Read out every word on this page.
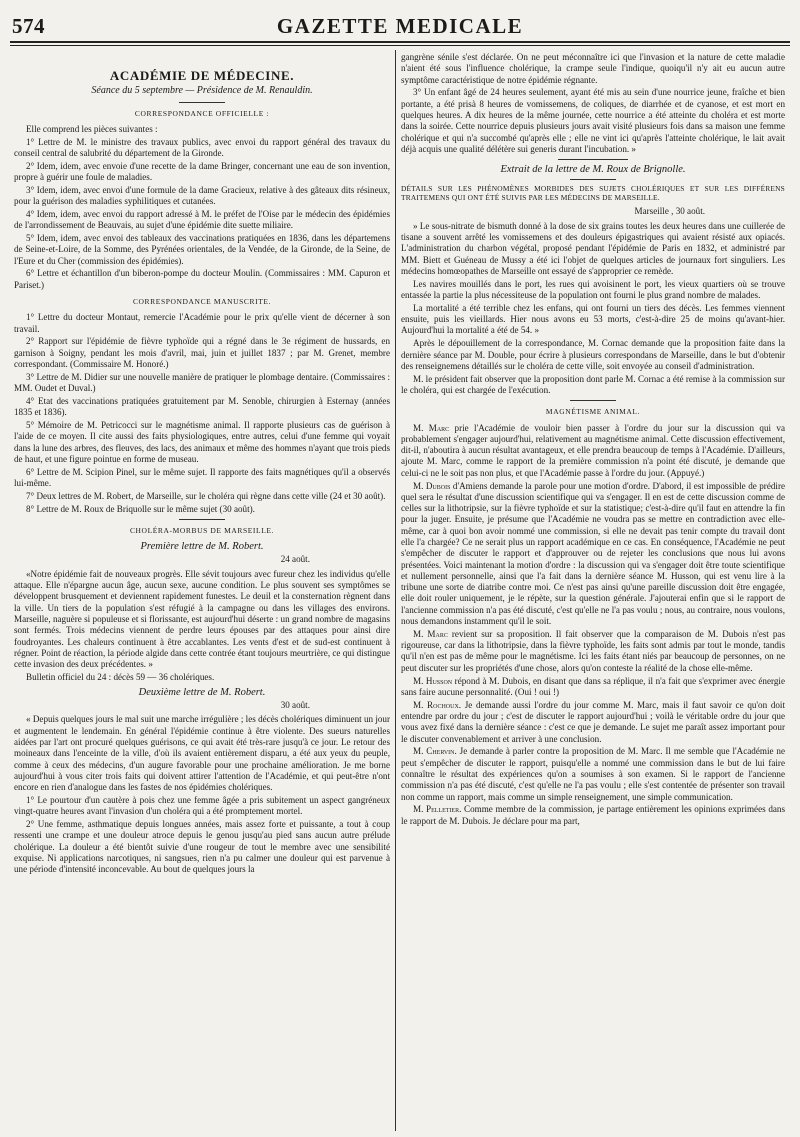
574	GAZETTE MEDICALE
ACADÉMIE DE MÉDECINE.
Séance du 5 septembre — Présidence de M. Renauldin.
CORRESPONDANCE OFFICIELLE :

Elle comprend les pièces suivantes :

1° Lettre de M. le ministre des travaux publics, avec envoi du rapport général des travaux du conseil central de salubrité du département de la Gironde.

2° Idem, idem, avec envoie d'une recette de la dame Bringer, concernant une eau de son invention, propre à guérir une foule de maladies.

3° Idem, idem, avec envoi d'une formule de la dame Gracieux, relative à des gâteaux dits résineux, pour la guérison des maladies syphilitiques et cutanées.

4° Idem, idem, avec envoi du rapport adressé à M. le préfet de l'Oise par le médecin des épidémies de l'arrondissement de Beauvais, au sujet d'une épidémie dite suette miliaire.

5° Idem, idem, avec envoi des tableaux des vaccinations pratiquées en 1836, dans les départemens de Seine-et-Loire, de la Somme, des Pyrénées orientales, de la Vendée, de la Gironde, de la Seine, de l'Eure et du Cher (commission des épidémies).

6° Lettre et échantillon d'un biberon-pompe du docteur Moulin. (Commissaires : MM. Capuron et Pariset.)

CORRESPONDANCE MANUSCRITE.

1° Lettre du docteur Montaut, remercie l'Académie pour le prix qu'elle vient de décerner à son travail.

2° Rapport sur l'épidémie de fièvre typhoïde qui a régné dans le 3e régiment de hussards, en garnison à Soigny, pendant les mois d'avril, mai, juin et juillet 1837 ; par M. Grenet, membre correspondant. (Commissaire M. Honoré.)

3° Lettre de M. Didier sur une nouvelle manière de pratiquer le plombage dentaire. (Commissaires : MM. Oudet et Duval.)

4° Etat des vaccinations pratiquées gratuitement par M. Senoble, chirurgien à Esternay (années 1835 et 1836).

5° Mémoire de M. Petricocci sur le magnétisme animal. Il rapporte plusieurs cas de guérison à l'aide de ce moyen. Il cite aussi des faits physiologiques, entre autres, celui d'une femme qui voyait dans la lune des arbres, des fleuves, des lacs, des animaux et même des hommes n'ayant que trois pieds de haut, et une figure pointue en forme de museau.

6° Lettre de M. Scipion Pinel, sur le même sujet. Il rapporte des faits magnétiques qu'il a observés lui-même.

7° Deux lettres de M. Robert, de Marseille, sur le choléra qui règne dans cette ville (24 et 30 août).

8° Lettre de M. Roux de Briquolle sur le même sujet (30 août).

CHOLÉRA-MORBUS DE MARSEILLE.
Première lettre de M. Robert.
24 août.

«Notre épidémie fait de nouveaux progrès. Elle sévit toujours avec fureur chez les individus qu'elle attaque. Elle n'épargne aucun âge, aucun sexe, aucune condition. Le plus souvent ses symptômes se développent brusquement et deviennent rapidement funestes. Le deuil et la consternation règnent dans la ville. Un tiers de la population s'est réfugié à la campagne ou dans les villages des environs. Marseille, naguère si populeuse et si florissante, est aujourd'hui déserte : un grand nombre de magasins sont fermés. Trois médecins viennent de perdre leurs épouses par des attaques pour ainsi dire foudroyantes. Les chaleurs continuent à être accablantes. Les vents d'est et de sud-est continuent à régner. Point de réaction, la période algide dans cette contrée étant toujours meurtrière, ce qui distingue cette invasion des deux précédentes. »

Bulletin officiel du 24 : décès 59 — 36 cholériques.
Deuxième lettre de M. Robert.
30 août.

« Depuis quelques jours le mal suit une marche irrégulière ; les décès cholériques diminuent un jour et augmentent le lendemain. En général l'épidémie continue à être violente. Des sueurs naturelles aidées par l'art ont procuré quelques guérisons, ce qui avait été très-rare jusqu'à ce jour. Le retour des moineaux dans l'enceinte de la ville, d'où ils avaient entièrement disparu, a été aux yeux du peuple, comme à ceux des médecins, d'un augure favorable pour une prochaine amélioration. Je me borne aujourd'hui à vous citer trois faits qui doivent attirer l'attention de l'Académie, et qui peut-être n'ont encore en rien d'analogue dans les fastes de nos épidémies cholériques.

1° Le pourtour d'un cautère à pois chez une femme âgée a pris subitement un aspect gangréneux vingt-quatre heures avant l'invasion d'un choléra qui a été promptement mortel.

2° Une femme, asthmatique depuis longues années, mais assez forte et puissante, a tout à coup ressenti une crampe et une douleur atroce depuis le genou jusqu'au pied sans aucun autre prélude cholérique. La douleur a été bientôt suivie d'une rougeur de tout le membre avec une sensibilité exquise. Ni applications narcotiques, ni sangsues, rien n'a pu calmer une douleur qui est parvenue à une période d'intensité inconcevable. Au bout de quelques jours la

gangrène sénile s'est déclarée. On ne peut méconnaître ici que l'invasion et la nature de cette maladie n'aient été sous l'influence cholérique, la crampe seule l'indique, quoiqu'il n'y ait eu aucun autre symptôme caractéristique de notre épidémie régnante.

3° Un enfant âgé de 24 heures seulement, ayant été mis au sein d'une nourrice jeune, fraîche et bien portante, a été prisà 8 heures de vomissemens, de coliques, de diarrhée et de cyanose, et est mort en quelques heures. A dix heures de la même journée, cette nourrice a été atteinte du choléra et est morte dans la soirée. Cette nourrice depuis plusieurs jours avait visité plusieurs fois dans sa maison une femme cholérique et qui n'a succombé qu'après elle ; elle ne vint ici qu'après l'atteinte cholérique, le lait avait déjà acquis une qualité délétère sui generis durant l'incubation. »

Extrait de la lettre de M. Roux de Brignolle.
DÉTAILS SUR LES PHÉNOMÈNES MORBIDES DES SUJETS CHOLÉRIQUES ET SUR LES DIFFÉRENS TRAITEMENS QUI ONT ÉTÉ SUIVIS PAR LES MÉDECINS DE MARSEILLE.
Marseille , 30 août.

» Le sous-nitrate de bismuth donné à la dose de six grains toutes les deux heures dans une cuillerée de tisane a souvent arrêté les vomissemens et des douleurs épigastriques qui avaient résisté aux opiacés. L'administration du charbon végétal, proposé pendant l'épidémie de Paris en 1832, et administré par MM. Biett et Guéneau de Mussy a été ici l'objet de quelques articles de journaux fort singuliers. Les médecins homœopathes de Marseille ont essayé de s'approprier ce remède.

Les navires mouillés dans le port, les rues qui avoisinent le port, les vieux quartiers où se trouve entassée la partie la plus nécessiteuse de la population ont fourni le plus grand nombre de malades.

La mortalité a été terrible chez les enfans, qui ont fourni un tiers des décès. Les femmes viennent ensuite, puis les vieillards. Hier nous avons eu 53 morts, c'est-à-dire 25 de moins qu'avant-hier. Aujourd'hui la mortalité a été de 54. »

Après le dépouillement de la correspondance, M. Cornac demande que la proposition faite dans la dernière séance par M. Double, pour écrire à plusieurs correspondans de Marseille, dans le but d'obtenir des renseignemens détaillés sur le choléra de cette ville, soit envoyée au conseil d'administration.

M. le président fait observer que la proposition dont parle M. Cornac a été remise à la commission sur le choléra, qui est chargée de l'exécution.

MAGNÉTISME ANIMAL.

M. Marc prie l'Académie de vouloir bien passer à l'ordre du jour sur la discussion qui va probablement s'engager aujourd'hui, relativement au magnétisme animal. Cette discussion effectivement, dit-il, n'aboutira à aucun résultat avantageux, et elle prendra beaucoup de temps à l'Académie. D'ailleurs, ajoute M. Marc, comme le rapport de la première commission n'a point été discuté, je demande que celui-ci ne le soit pas non plus, et que l'Académie passe à l'ordre du jour. (Appuyé.)

M. Dubois d'Amiens demande la parole pour une motion d'ordre. D'abord, il est impossible de prédire quel sera le résultat d'une discussion scientifique qui va s'engager. Il en est de cette discussion comme de celles sur la lithotripsie, sur la fièvre typhoïde et sur la statistique; c'est-à-dire qu'il faut en attendre la fin pour la juger. Ensuite, je présume que l'Académie ne voudra pas se mettre en contradiction avec elle-même, car à quoi bon avoir nommé une commission, si elle ne devait pas tenir compte du travail dont elle l'a chargée? Ce ne serait plus un rapport académique en ce cas. En conséquence, l'Académie ne peut s'empêcher de discuter le rapport et d'approuver ou de rejeter les conclusions que nous lui avons présentées. Voici maintenant la motion d'ordre : la discussion qui va s'engager doit être toute scientifique et nullement personnelle, ainsi que l'a fait dans la dernière séance M. Husson, qui est venu lire à la tribune une sorte de diatribe contre moi. Ce n'est pas ainsi qu'une pareille discussion doit être engagée, elle doit rouler uniquement, je le répète, sur la question générale. J'ajouterai enfin que si le rapport de l'ancienne commission n'a pas été discuté, c'est qu'elle ne l'a pas voulu ; nous, au contraire, nous voulons, nous demandons instamment qu'il le soit.

M. Marc revient sur sa proposition. Il fait observer que la comparaison de M. Dubois n'est pas rigoureuse, car dans la lithotripsie, dans la fièvre typhoïde, les faits sont admis par tout le monde, tandis qu'il n'en est pas de même pour le magnétisme. Ici les faits étant niés par beaucoup de personnes, on ne peut discuter sur les propriétés d'une chose, alors qu'on conteste la réalité de la chose elle-même.

M. Husson répond à M. Dubois, en disant que dans sa réplique, il n'a fait que s'exprimer avec énergie sans faire aucune personnalité. (Oui ! oui !)

M. Rochoux. Je demande aussi l'ordre du jour comme M. Marc, mais il faut savoir ce qu'on doit entendre par ordre du jour ; c'est de discuter le rapport aujourd'hui ; voilà le véritable ordre du jour que vous avez fixé dans la dernière séance : c'est ce que je demande. Le sujet me paraît assez important pour le discuter convenablement et arriver à une conclusion.

M. Chervin. Je demande à parler contre la proposition de M. Marc. Il me semble que l'Académie ne peut s'empêcher de discuter le rapport, puisqu'elle a nommé une commission dans le but de lui faire connaître le résultat des expériences qu'on a soumises à son examen. Si le rapport de l'ancienne commission n'a pas été discuté, c'est qu'elle ne l'a pas voulu ; elle s'est contentée de présenter son travail non comme un rapport, mais comme un simple renseignement, une simple communication.

M. Pelletier. Comme membre de la commission, je partage entièrement les opinions exprimées dans le rapport de M. Dubois. Je déclare pour ma part,
